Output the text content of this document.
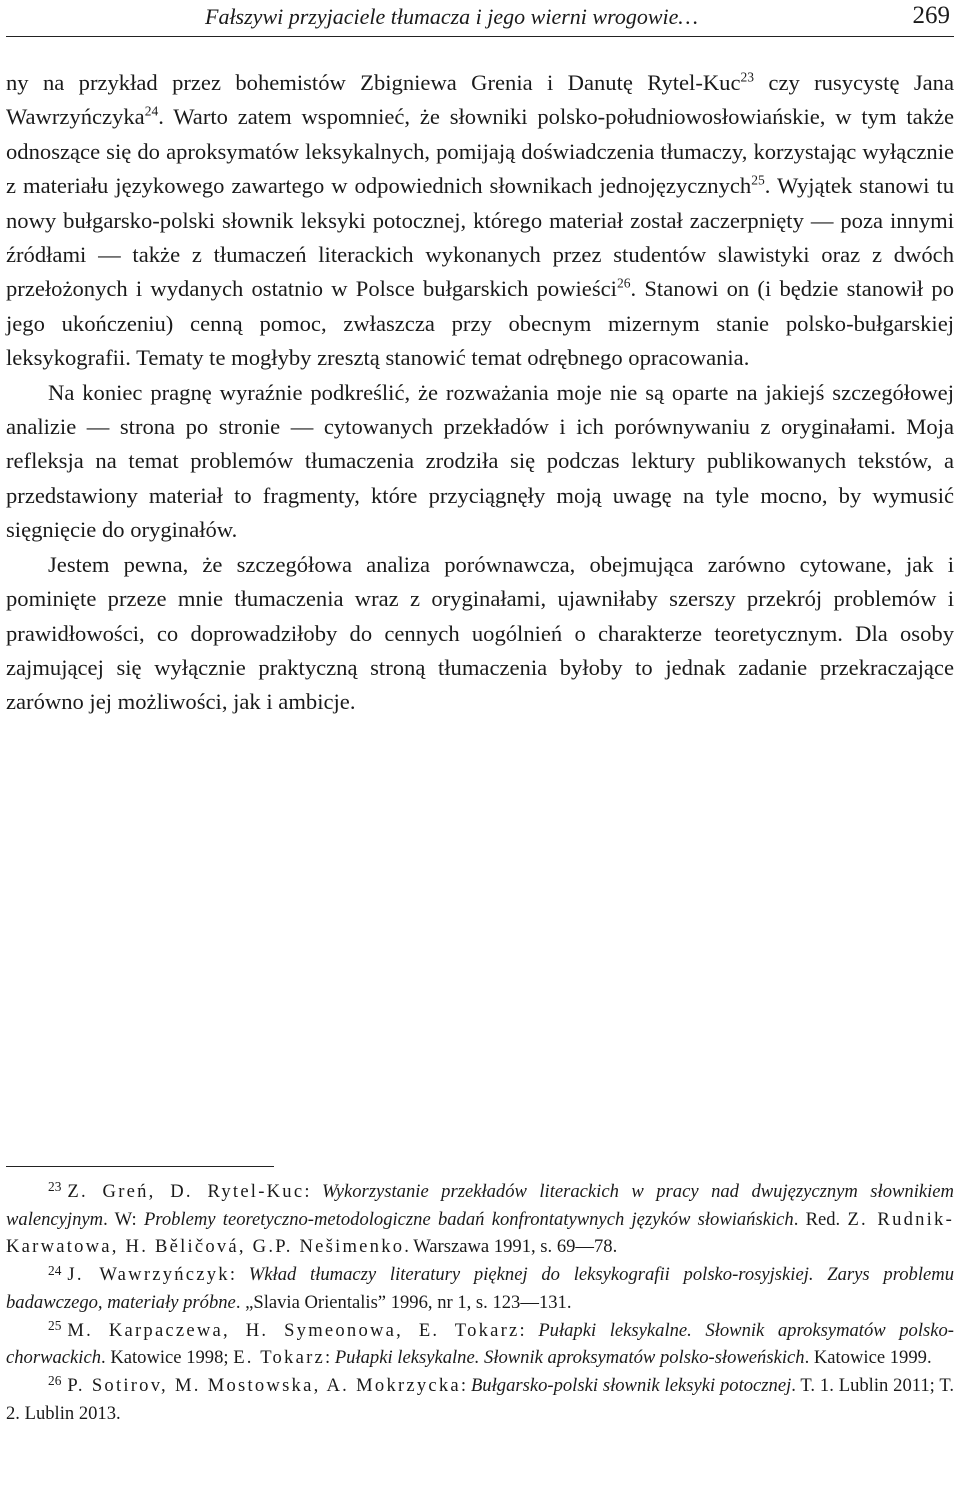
Fałszywi przyjaciele tłumacza i jego wierni wrogowie…	269

ny na przykład przez bohemistów Zbigniewa Grenia i Danutę Rytel-Kuc$^{23}$ czy rusycystę Jana Wawrzyńczyka$^{24}$. Warto zatem wspomnieć, że słowniki polsko-południowosłowiańskie, w tym także odnoszące się do aproksymatów leksykalnych, pomijają doświadczenia tłumaczy, korzystając wyłącznie z materiału językowego zawartego w odpowiednich słownikach jednojęzycznych$^{25}$. Wyjątek stanowi tu nowy bułgarsko-polski słownik leksyki potocznej, którego materiał został zaczerpnięty — poza innymi źródłami — także z tłumaczeń literackich wykonanych przez studentów slawistyki oraz z dwóch przełożonych i wydanych ostatnio w Polsce bułgarskich powieści$^{26}$. Stanowi on (i będzie stanowił po jego ukończeniu) cenną pomoc, zwłaszcza przy obecnym mizernym stanie polsko-bułgarskiej leksykografii. Tematy te mogłyby zresztą stanowić temat odrębnego opracowania.

Na koniec pragnę wyraźnie podkreślić, że rozważania moje nie są oparte na jakiejś szczegółowej analizie — strona po stronie — cytowanych przekładów i ich porównywaniu z oryginałami. Moja refleksja na temat problemów tłumaczenia zrodziła się podczas lektury publikowanych tekstów, a przedstawiony materiał to fragmenty, które przyciągnęły moją uwagę na tyle mocno, by wymusić sięgnięcie do oryginałów.

Jestem pewna, że szczegółowa analiza porównawcza, obejmująca zarówno cytowane, jak i pominięte przeze mnie tłumaczenia wraz z oryginałami, ujawniłaby szerszy przekrój problemów i prawidłowości, co doprowadziłoby do cennych uogólnień o charakterze teoretycznym. Dla osoby zajmującej się wyłącznie praktyczną stroną tłumaczenia byłoby to jednak zadanie przekraczające zarówno jej możliwości, jak i ambicje.

$^{23}$ Z. Greń, D. Rytel-Kuc: Wykorzystanie przekładów literackich w pracy nad dwujęzycznym słownikiem walencyjnym. W: Problemy teoretyczno-metodologiczne badań konfrontatywnych języków słowiańskich. Red. Z. Rudnik-Karwatowa, H. Bělič​ová, G.P. Nešimenko. Warszawa 1991, s. 69—78.

$^{24}$ J. Wawrzyńczyk: Wkład tłumaczy literatury pięknej do leksykografii polsko-rosyjskiej. Zarys problemu badawczego, materiały próbne. „Slavia Orientalis” 1996, nr 1, s. 123—131.

$^{25}$ M. Karpaczewa, H. Symeonowa, E. Tokarz: Pułapki leksykalne. Słownik aproksymatów polsko-chorwackich. Katowice 1998; E. Tokarz: Pułapki leksykalne. Słownik aproksymatów polsko-słoweńskich. Katowice 1999.

$^{26}$ P. Sotirov, M. Mostowska, A. Mokrzycka: Bułgarsko-polski słownik leksyki potocznej. T. 1. Lublin 2011; T. 2. Lublin 2013.
